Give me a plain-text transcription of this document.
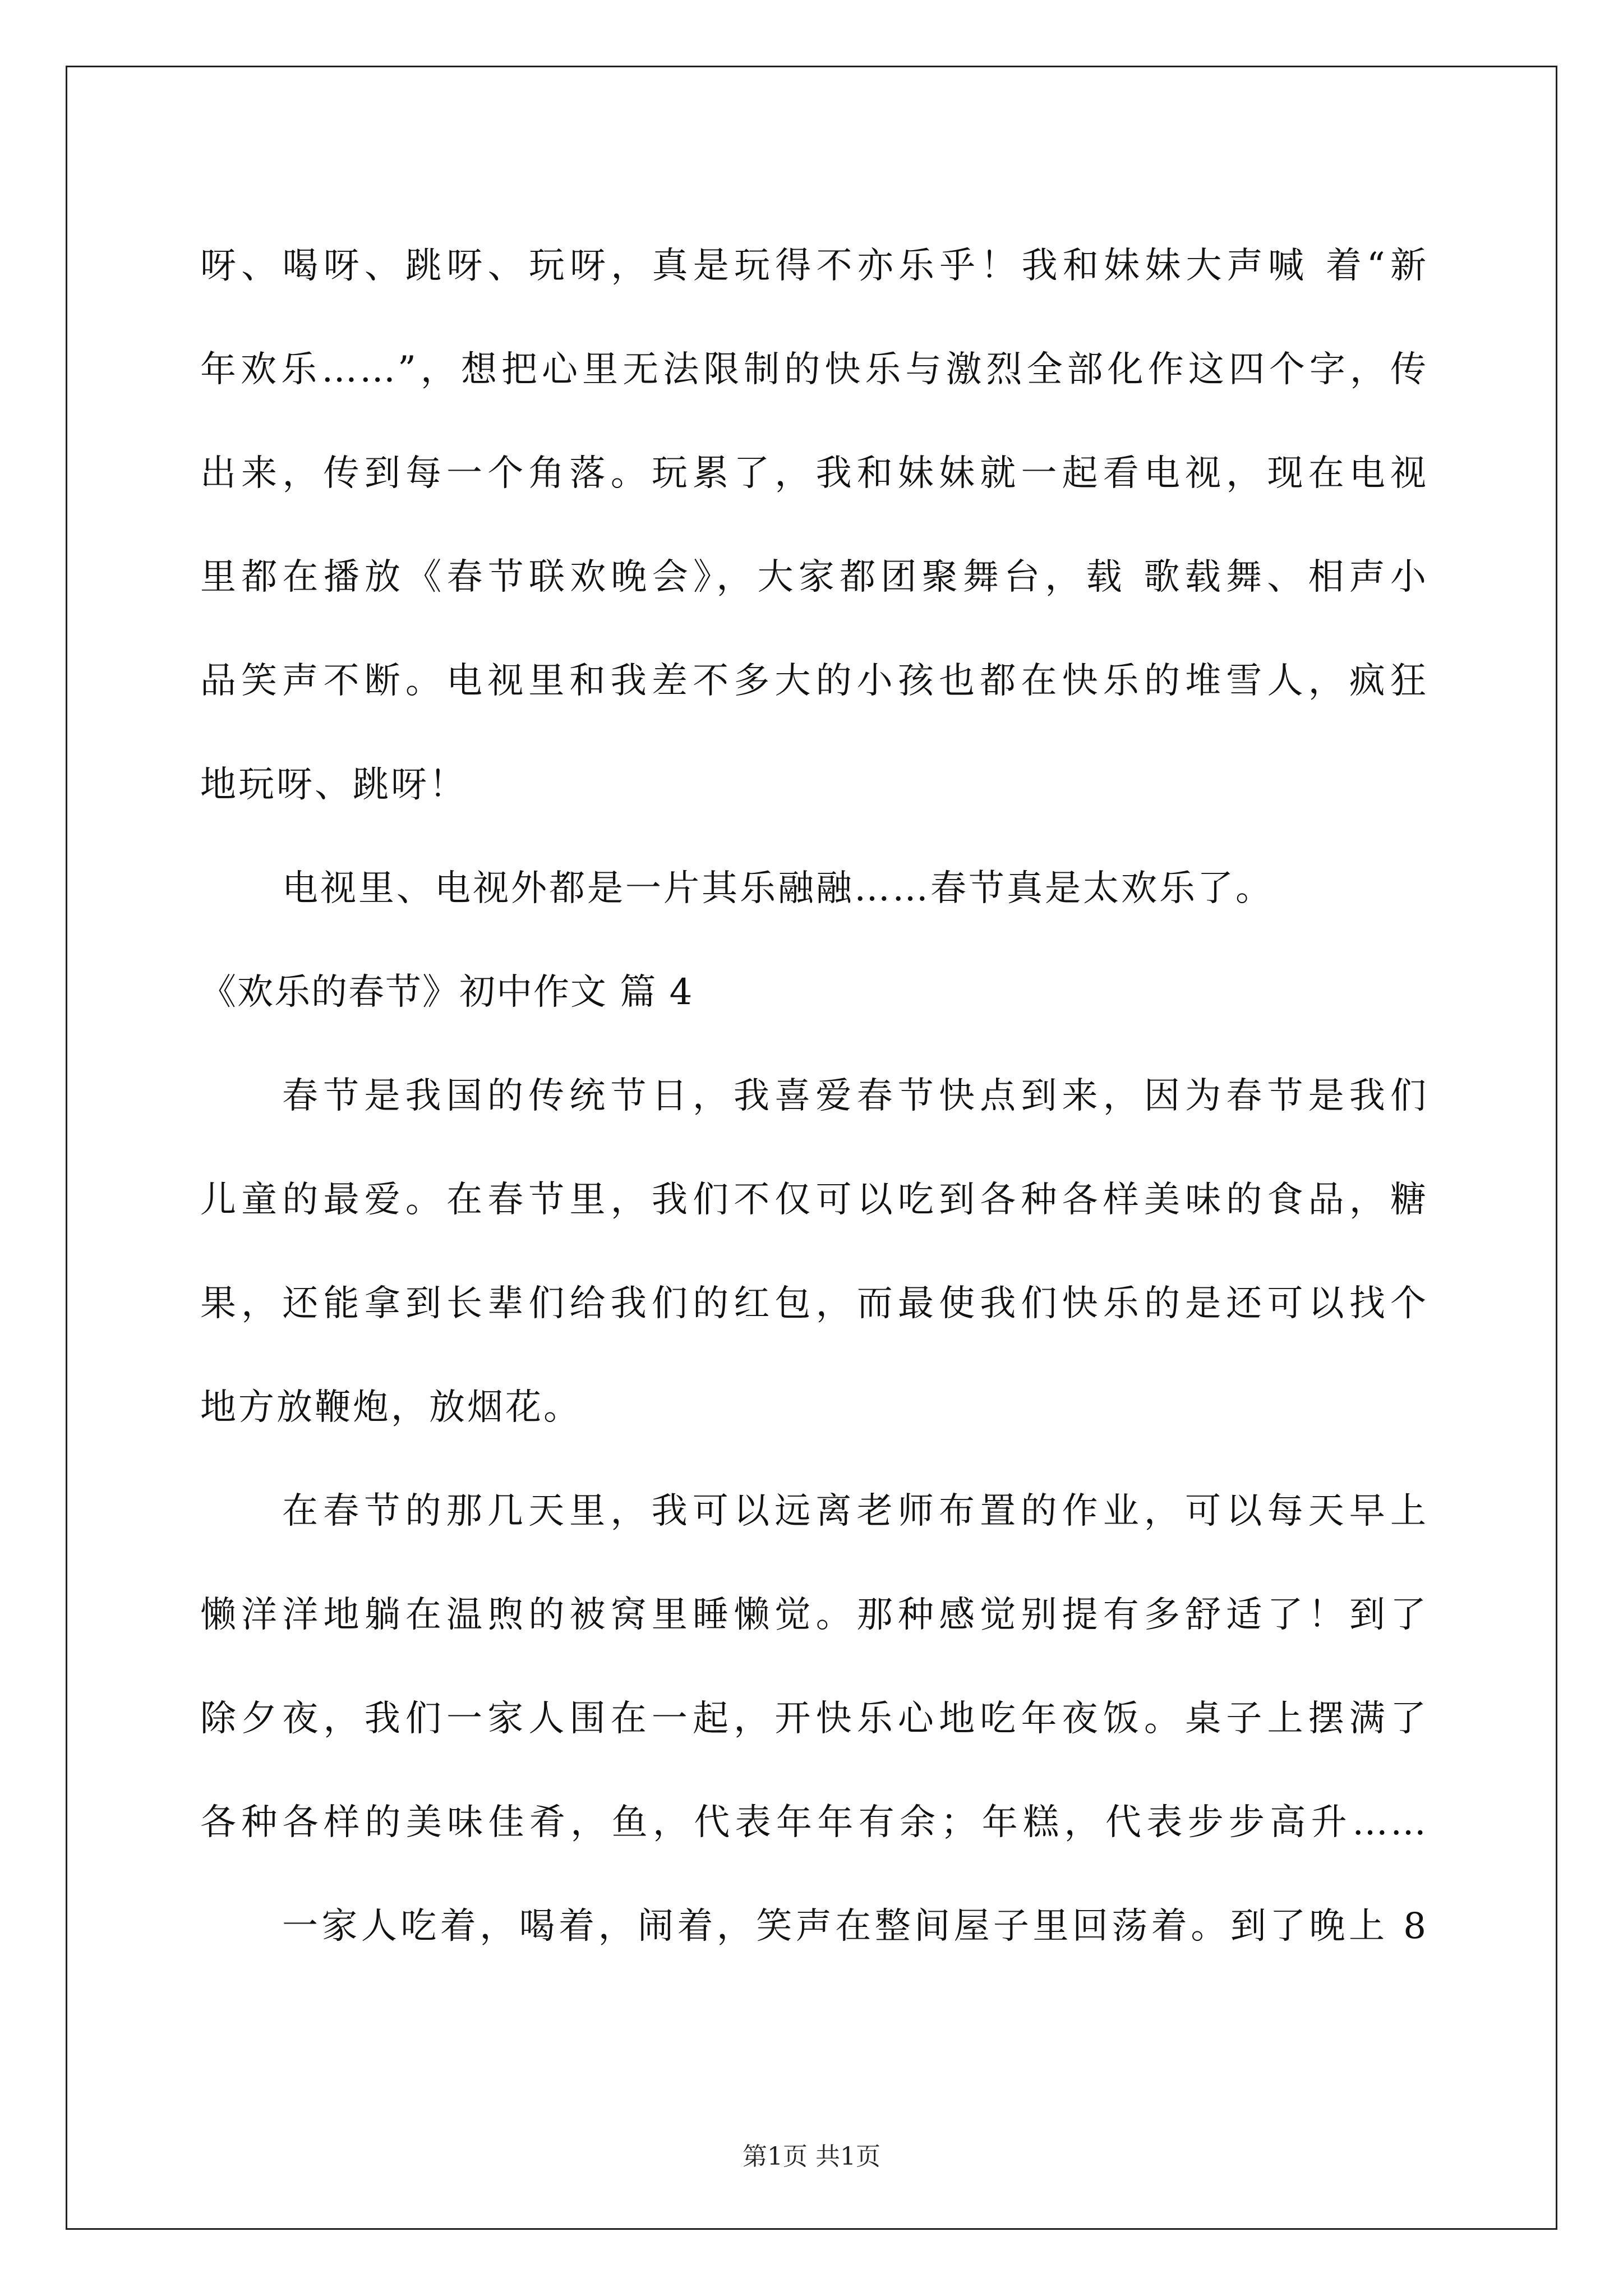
呀、喝呀、跳呀、玩呀，真是玩得不亦乐乎！我和妹妹大声喊 着“新
年欢乐……”，想把心里无法限制的快乐与激烈全部化作这四个字，传
出来，传到每一个角落。玩累了，我和妹妹就一起看电视，现在电视
里都在播放《春节联欢晚会》，大家都团聚舞台，载 歌载舞、相声小
品笑声不断。电视里和我差不多大的小孩也都在快乐的堆雪人，疯狂
地玩呀、跳呀！
电视里、电视外都是一片其乐融融……春节真是太欢乐了。
《欢乐的春节》初中作文 篇 4
春节是我国的传统节日，我喜爱春节快点到来，因为春节是我们
儿童的最爱。在春节里，我们不仅可以吃到各种各样美味的食品，糖
果，还能拿到长辈们给我们的红包，而最使我们快乐的是还可以找个
地方放鞭炮，放烟花。
在春节的那几天里，我可以远离老师布置的作业，可以每天早上
懒洋洋地躺在温煦的被窝里睡懒觉。那种感觉别提有多舒适了！到了
除夕夜，我们一家人围在一起，开快乐心地吃年夜饭。桌子上摆满了
各种各样的美味佳肴，鱼，代表年年有余；年糕，代表步步高升……
一家人吃着，喝着，闹着，笑声在整间屋子里回荡着。到了晚上 8
第1页 共1页
